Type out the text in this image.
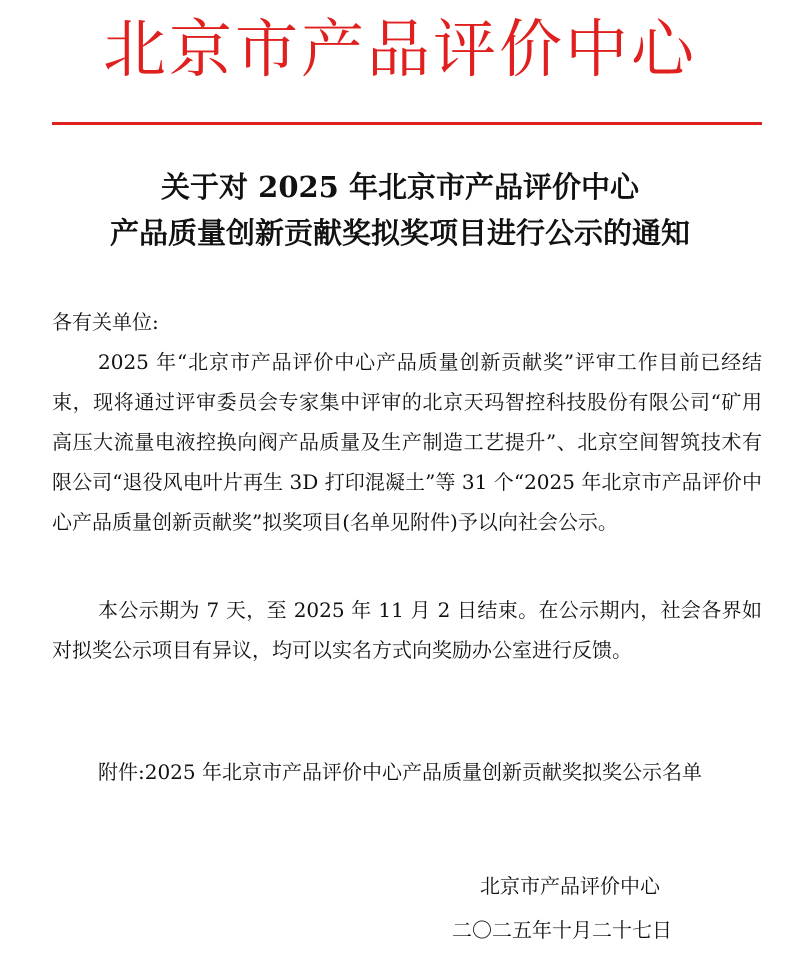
北京市产品评价中心
关于对 2025 年北京市产品评价中心
产品质量创新贡献奖拟奖项目进行公示的通知
各有关单位:
2025 年“北京市产品评价中心产品质量创新贡献奖”评审工作目前已经结束，现将通过评审委员会专家集中评审的北京天玛智控科技股份有限公司“矿用高压大流量电液控换向阀产品质量及生产制造工艺提升”、北京空间智筑技术有限公司“退役风电叶片再生 3D 打印混凝土”等 31 个“2025 年北京市产品评价中心产品质量创新贡献奖”拟奖项目(名单见附件)予以向社会公示。
本公示期为 7 天，至 2025 年 11 月 2 日结束。在公示期内，社会各界如对拟奖公示项目有异议，均可以实名方式向奖励办公室进行反馈。
附件:2025 年北京市产品评价中心产品质量创新贡献奖拟奖公示名单
北京市产品评价中心
二〇二五年十月二十七日
